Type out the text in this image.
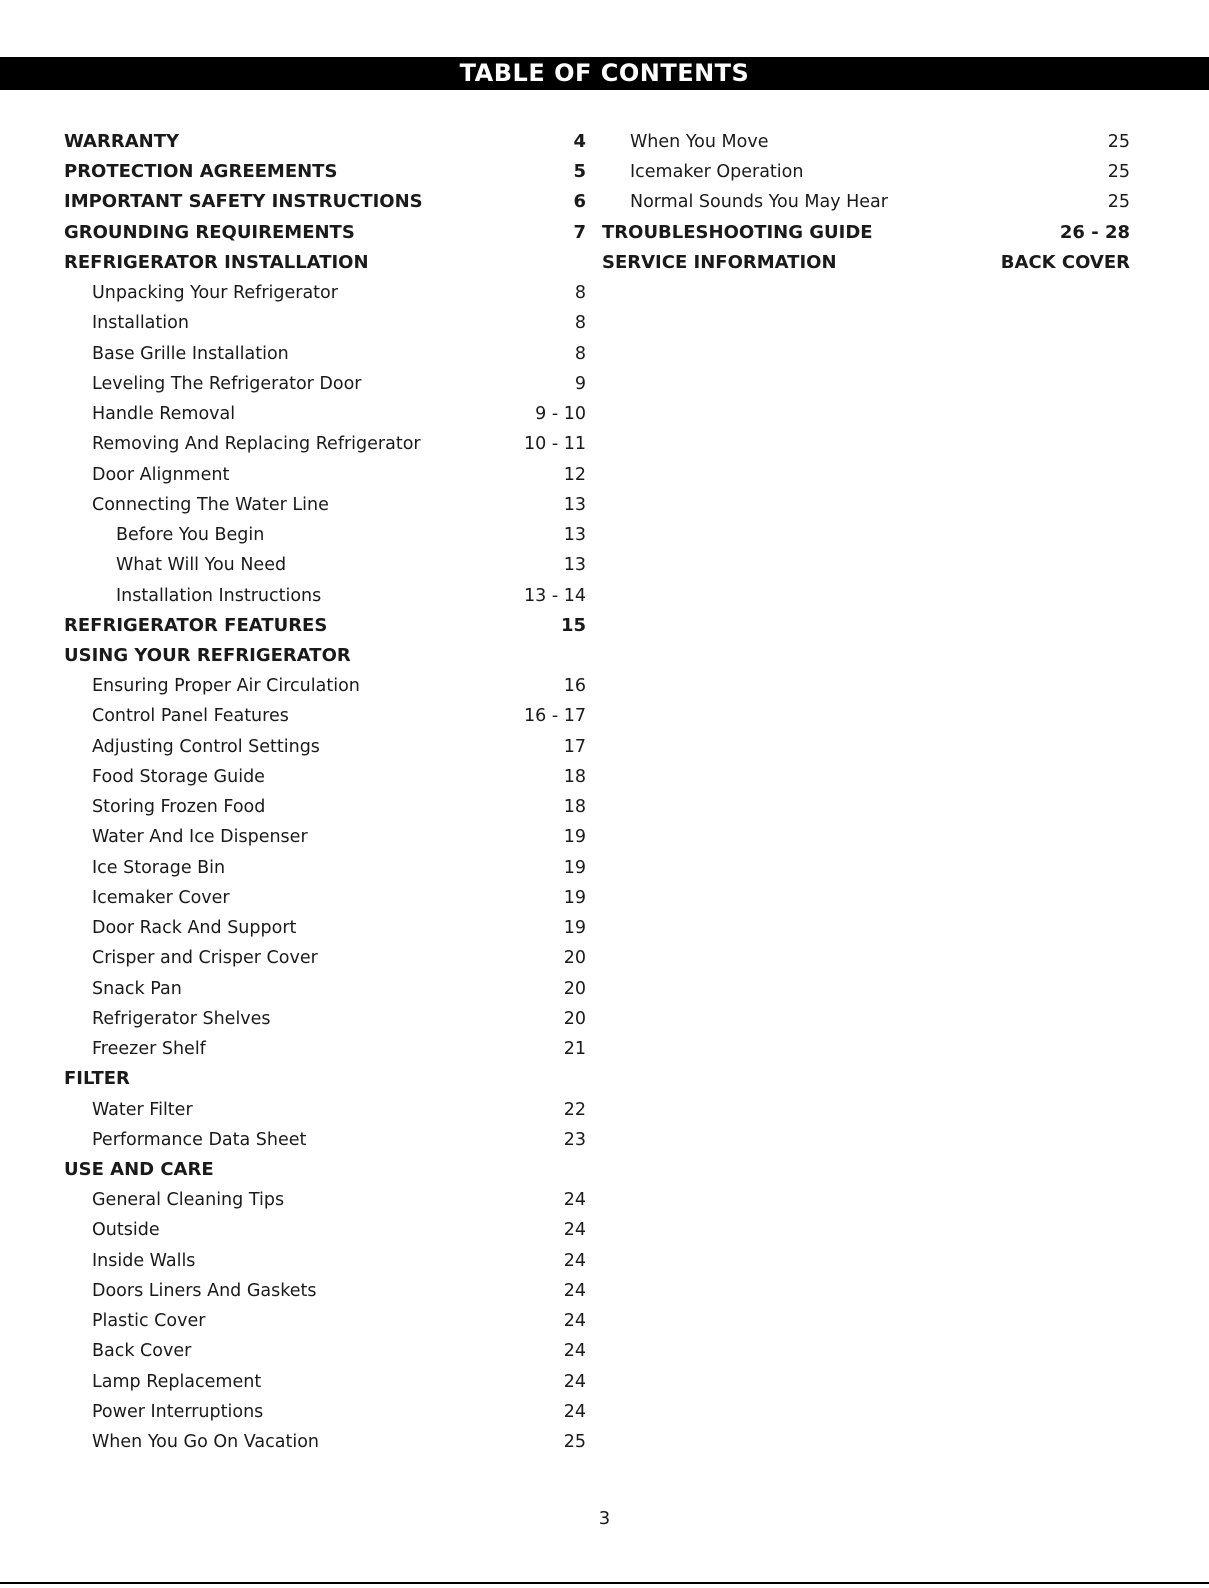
TABLE OF CONTENTS
WARRANTY	4
PROTECTION AGREEMENTS	5
IMPORTANT SAFETY INSTRUCTIONS	6
GROUNDING REQUIREMENTS	7
REFRIGERATOR INSTALLATION
Unpacking Your Refrigerator	8
Installation	8
Base Grille Installation	8
Leveling The Refrigerator Door	9
Handle Removal	9 - 10
Removing And Replacing Refrigerator	10 - 11
Door Alignment	12
Connecting The Water Line	13
Before You Begin	13
What Will You Need	13
Installation Instructions	13 - 14
REFRIGERATOR FEATURES	15
USING YOUR REFRIGERATOR
Ensuring Proper Air Circulation	16
Control Panel Features	16 - 17
Adjusting Control Settings	17
Food Storage Guide	18
Storing Frozen Food	18
Water And Ice Dispenser	19
Ice Storage Bin	19
Icemaker Cover	19
Door Rack And Support	19
Crisper and Crisper Cover	20
Snack Pan	20
Refrigerator Shelves	20
Freezer Shelf	21
FILTER
Water Filter	22
Performance Data Sheet	23
USE AND CARE
General Cleaning Tips	24
Outside	24
Inside Walls	24
Doors Liners And Gaskets	24
Plastic Cover	24
Back Cover	24
Lamp Replacement	24
Power Interruptions	24
When You Go On Vacation	25
When You Move	25
Icemaker Operation	25
Normal Sounds You May Hear	25
TROUBLESHOOTING GUIDE	26 - 28
SERVICE INFORMATION	BACK COVER
3
